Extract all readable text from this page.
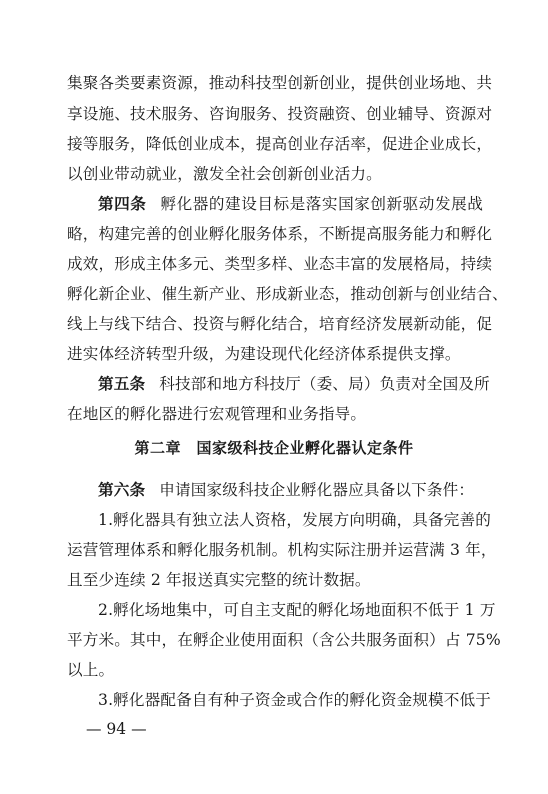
集聚各类要素资源，推动科技型创新创业，提供创业场地、共
享设施、技术服务、咨询服务、投资融资、创业辅导、资源对
接等服务，降低创业成本，提高创业存活率，促进企业成长，
以创业带动就业，激发全社会创新创业活力。
第四条 孵化器的建设目标是落实国家创新驱动发展战
略，构建完善的创业孵化服务体系，不断提高服务能力和孵化
成效，形成主体多元、类型多样、业态丰富的发展格局，持续
孵化新企业、催生新产业、形成新业态，推动创新与创业结合、
线上与线下结合、投资与孵化结合，培育经济发展新动能，促
进实体经济转型升级，为建设现代化经济体系提供支撑。
第五条 科技部和地方科技厅（委、局）负责对全国及所
在地区的孵化器进行宏观管理和业务指导。
第二章　国家级科技企业孵化器认定条件
第六条 申请国家级科技企业孵化器应具备以下条件：
1.孵化器具有独立法人资格，发展方向明确，具备完善的
运营管理体系和孵化服务机制。机构实际注册并运营满 3 年，
且至少连续 2 年报送真实完整的统计数据。
2.孵化场地集中，可自主支配的孵化场地面积不低于 1 万
平方米。其中，在孵企业使用面积（含公共服务面积）占 75%
以上。
3.孵化器配备自有种子资金或合作的孵化资金规模不低于
— 94 —
